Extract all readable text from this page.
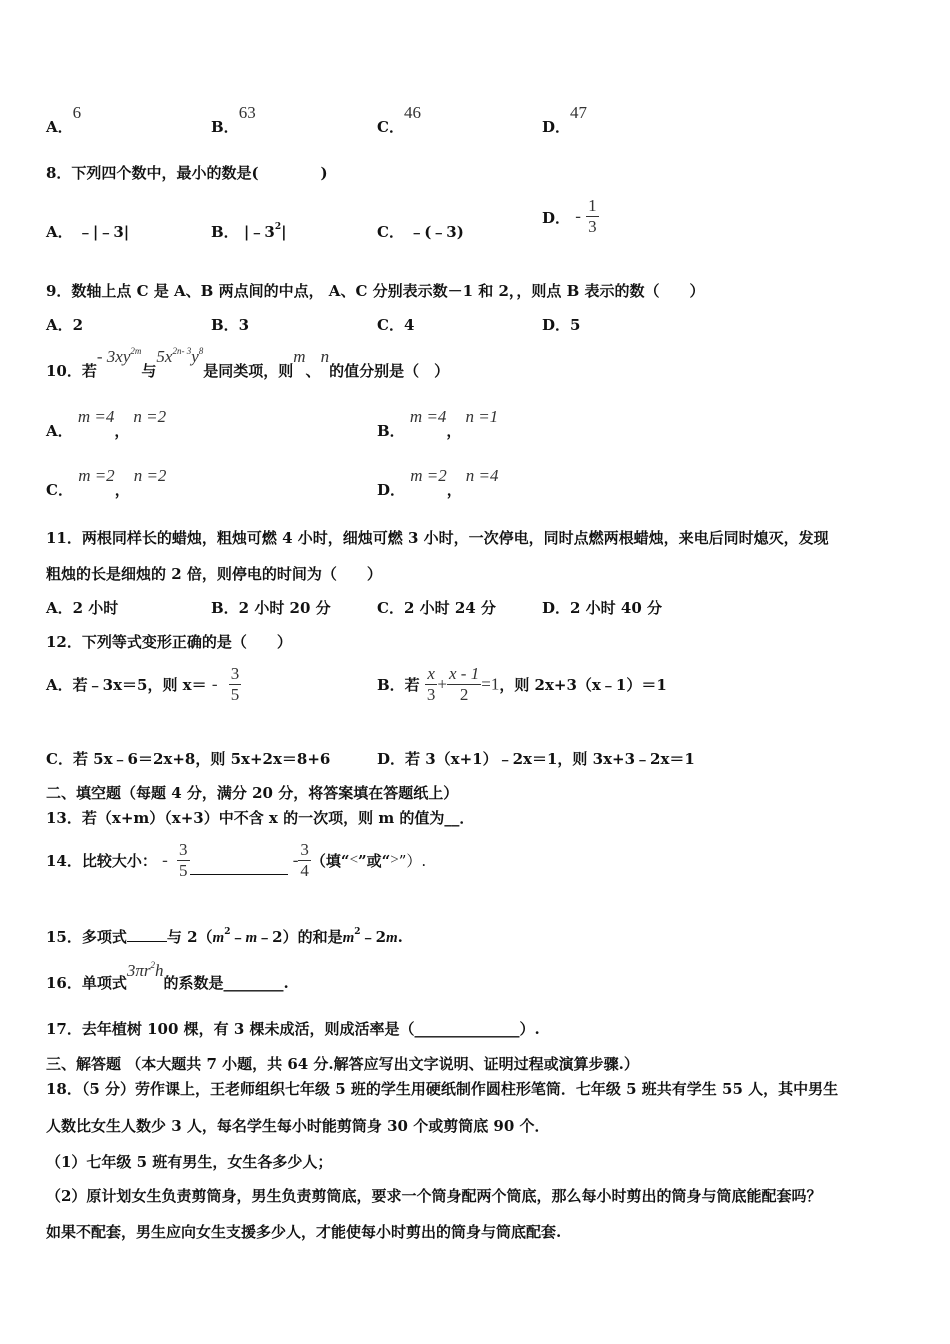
A．6
B．63
C．46
D．47
8．下列四个数中，最小的数是(	)
A． ﹣|﹣3|	B． $|﹣3^2|$	C． ﹣(﹣3)
D． - $\frac{1}{3}$
9．数轴上点 C 是 A、B 两点间的中点， A、C 分别表示数－1 和 2，，则点 B 表示的数（　　）
A．2	B．3	C．4	D．5
10．若- $3xy^{2m}$与$5x^{2n- 3}y^8$是同类项，则m、n的值分别是（　）
A． m =4，n =2
B． m =4，n =1
C． m =2，n =2
D． m =2，n =4
11．两根同样长的蜡烛，粗烛可燃 4 小时，细烛可燃 3 小时，一次停电，同时点燃两根蜡烛，来电后同时熄灭，发现
粗烛的长是细烛的 2 倍，则停电的时间为（　　）
A．2 小时	B．2 小时 20 分	C．2 小时 24 分	D．2 小时 40 分
12．下列等式变形正确的是（　　）
A．若﹣3x＝5，则 $x= - \frac{3}{5}$	B．若 $\frac{x}{3} + \frac{x - 1}{2} =1$，则 2x+3（x﹣1）＝1
C．若 5x﹣6＝2x+8，则 5x+2x＝8+6	D．若 3（x+1）﹣2x＝1，则 3x+3﹣2x＝1
二、填空题（每题 4 分，满分 20 分，将答案填在答题纸上）
13．若（x+m）（x+3）中不含 x 的一次项，则 m 的值为__．
14．比较大小： - $\frac{3}{5}$	- $\frac{3}{4}$ （填“<”或“>”）.
15．多项式	与 $2(m^2﹣m﹣2)$的和是$m^2﹣2m$.
16．单项式$3\pi r^2h$的系数是________.
17．去年植树 100 棵，有 3 棵未成活，则成活率是（______________）.
三、解答题 （本大题共 7 小题，共 64 分.解答应写出文字说明、证明过程或演算步骤.）
18．（5 分）劳作课上，王老师组织七年级 5 班的学生用硬纸制作圆柱形笔筒．七年级 5 班共有学生 55 人，其中男生
人数比女生人数少 3 人，每名学生每小时能剪筒身 30 个或剪筒底 90 个．
（1）七年级 5 班有男生，女生各多少人；
（2）原计划女生负责剪筒身，男生负责剪筒底，要求一个筒身配两个筒底，那么每小时剪出的筒身与筒底能配套吗？
如果不配套，男生应向女生支援多少人，才能使每小时剪出的筒身与筒底配套.
